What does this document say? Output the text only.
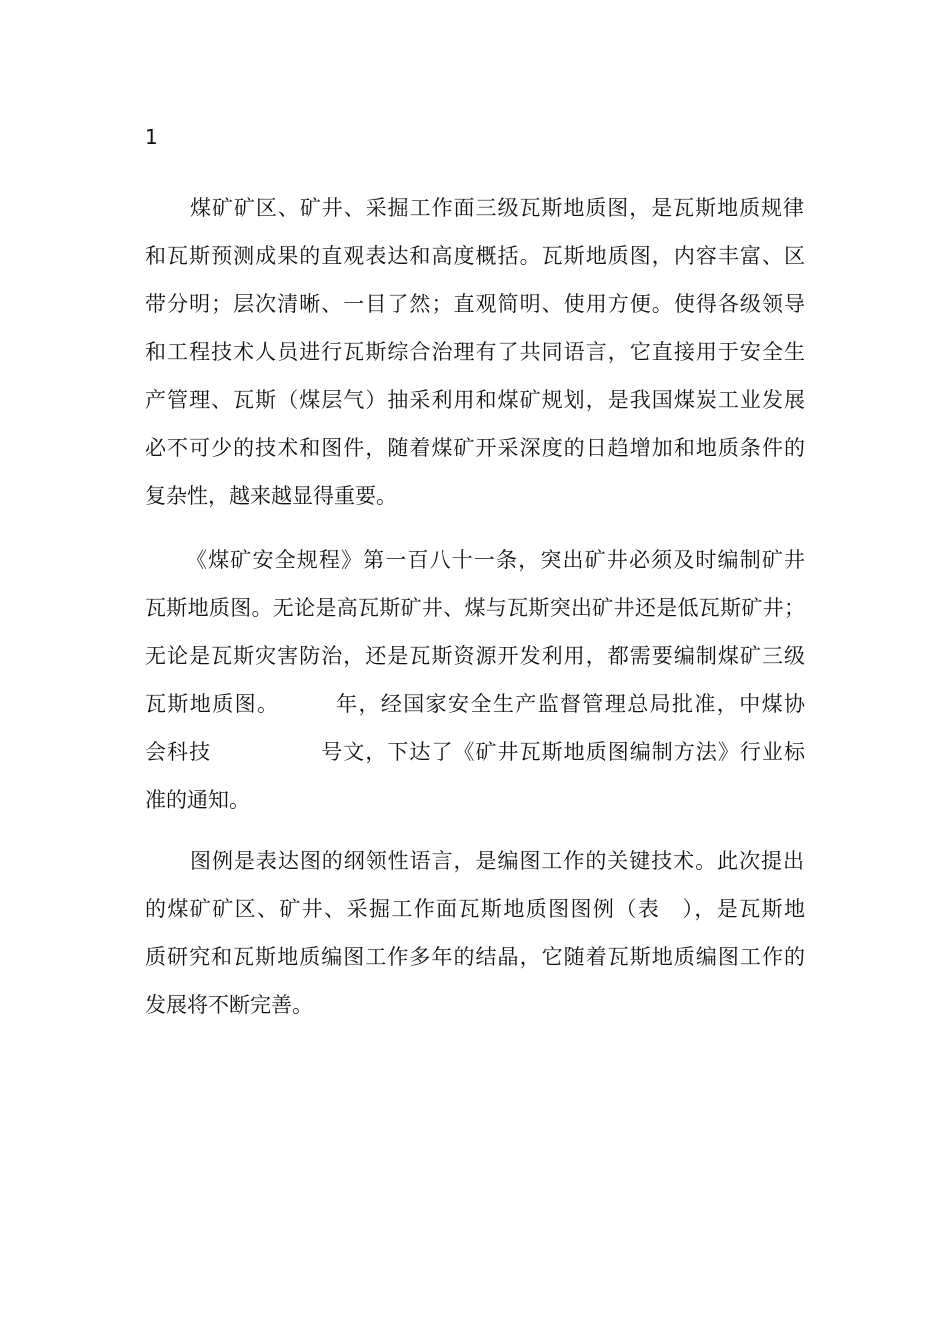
1
煤矿矿区、矿井、采掘工作面三级瓦斯地质图，是瓦斯地质规律
和瓦斯预测成果的直观表达和高度概括。瓦斯地质图，内容丰富、区
带分明；层次清晰、一目了然；直观简明、使用方便。使得各级领导
和工程技术人员进行瓦斯综合治理有了共同语言，它直接用于安全生
产管理、瓦斯（煤层气）抽采利用和煤矿规划，是我国煤炭工业发展
必不可少的技术和图件，随着煤矿开采深度的日趋增加和地质条件的
复杂性，越来越显得重要。
《煤矿安全规程》第一百八十一条，突出矿井必须及时编制矿井
瓦斯地质图。无论是高瓦斯矿井、煤与瓦斯突出矿井还是低瓦斯矿井；
无论是瓦斯灾害防治，还是瓦斯资源开发利用，都需要编制煤矿三级
瓦斯地质图。　　　年，经国家安全生产监督管理总局批准，中煤协
会科技　　　　　号文，下达了《矿井瓦斯地质图编制方法》行业标
准的通知。
图例是表达图的纲领性语言，是编图工作的关键技术。此次提出
的煤矿矿区、矿井、采掘工作面瓦斯地质图图例（表　），是瓦斯地
质研究和瓦斯地质编图工作多年的结晶，它随着瓦斯地质编图工作的
发展将不断完善。
